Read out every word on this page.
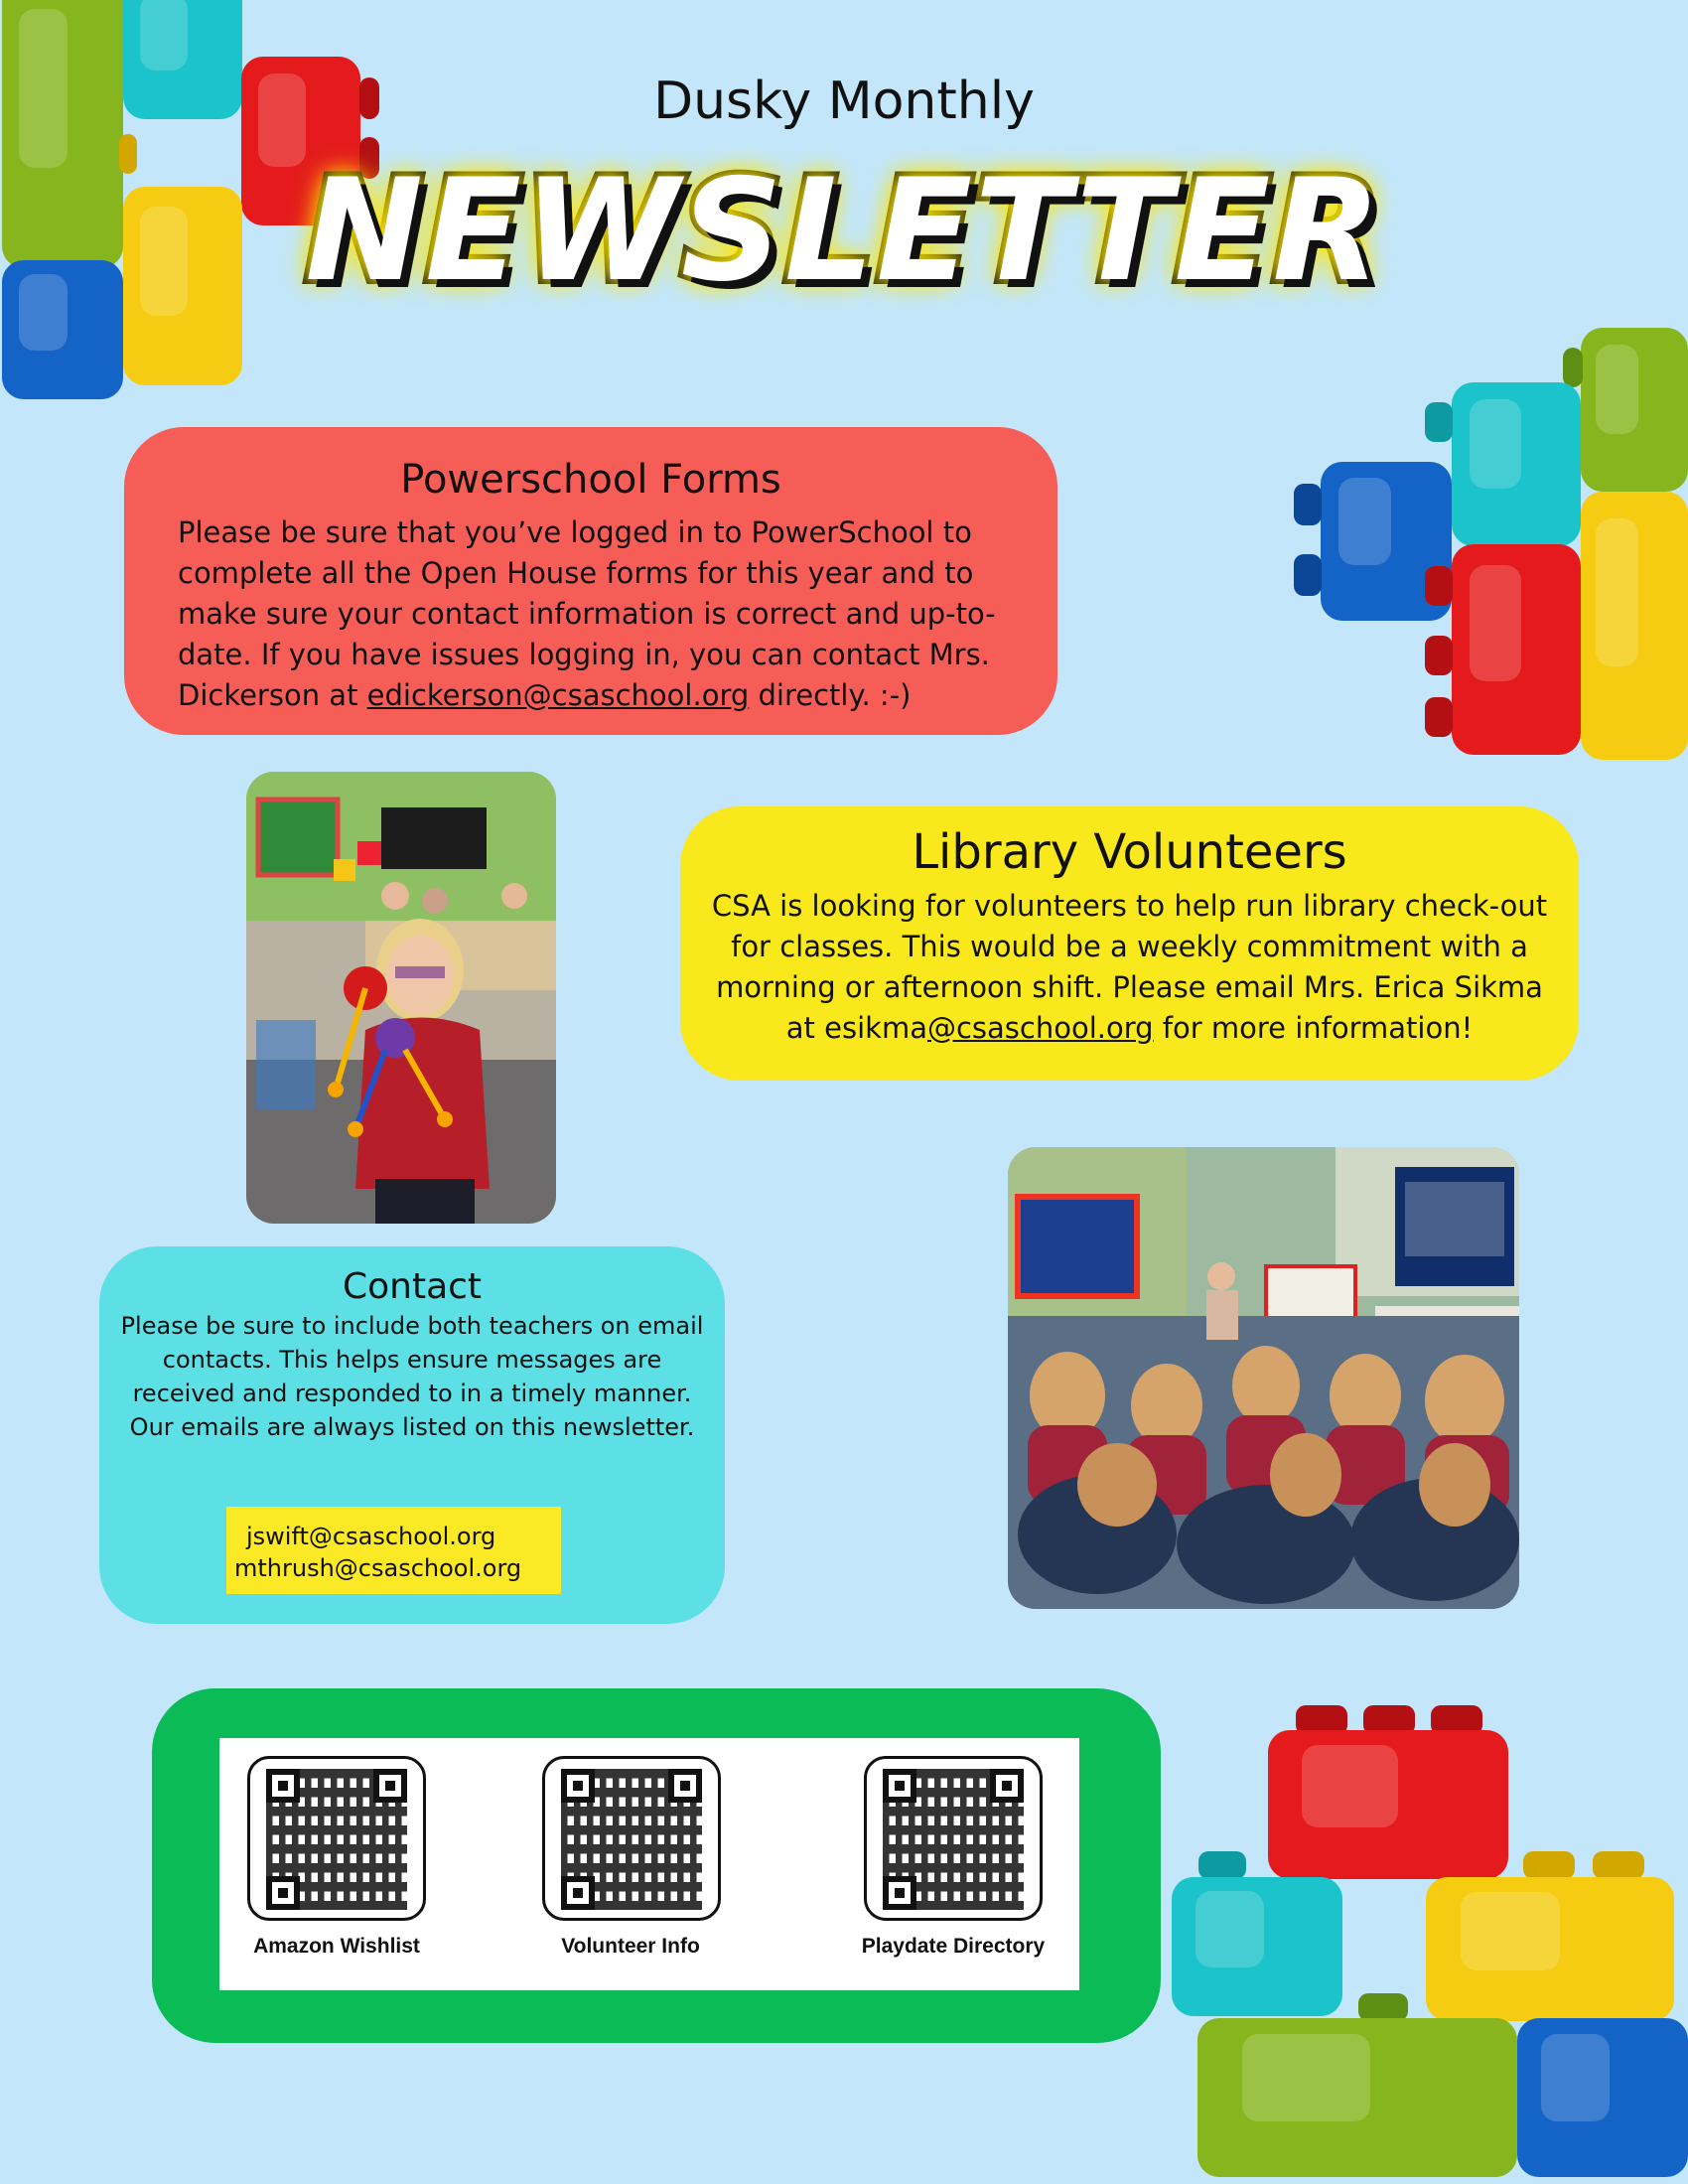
Dusky Monthly
NEWSLETTER
Powerschool Forms

Please be sure that you’ve logged in to PowerSchool to complete all the Open House forms for this year and to make sure your contact information is correct and up-to-date. If you have issues logging in, you can contact Mrs. Dickerson at edickerson@csaschool.org directly. :-)

Library Volunteers

CSA is looking for volunteers to help run library check-out for classes. This would be a weekly commitment with a morning or afternoon shift. Please email Mrs. Erica Sikma at esikma@csaschool.org for more information!

Contact

Please be sure to include both teachers on email contacts. This helps ensure messages are received and responded to in a timely manner. Our emails are always listed on this newsletter.

jswift@csaschool.org
mthrush@csaschool.org
Amazon Wishlist	Volunteer Info	Playdate Directory
